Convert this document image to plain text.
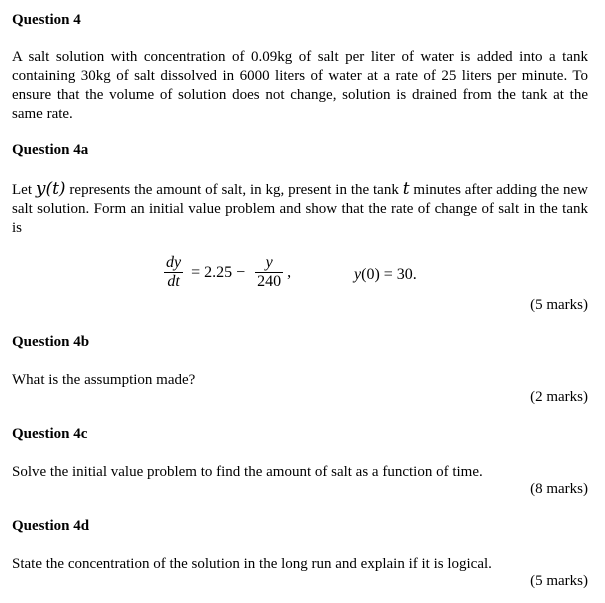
Question 4
A salt solution with concentration of 0.09kg of salt per liter of water is added into a tank containing 30kg of salt dissolved in 6000 liters of water at a rate of 25 liters per minute. To ensure that the volume of solution does not change, solution is drained from the tank at the same rate.
Question 4a
Let y(t) represents the amount of salt, in kg, present in the tank t minutes after adding the new salt solution. Form an initial value problem and show that the rate of change of salt in the tank is
$\frac{dy}{dt} = 2.25 - \frac{y}{240}$ ,	y(0) = 30.
(5 marks)
Question 4b
What is the assumption made?
(2 marks)
Question 4c
Solve the initial value problem to find the amount of salt as a function of time.
(8 marks)
Question 4d
State the concentration of the solution in the long run and explain if it is logical.
(5 marks)
